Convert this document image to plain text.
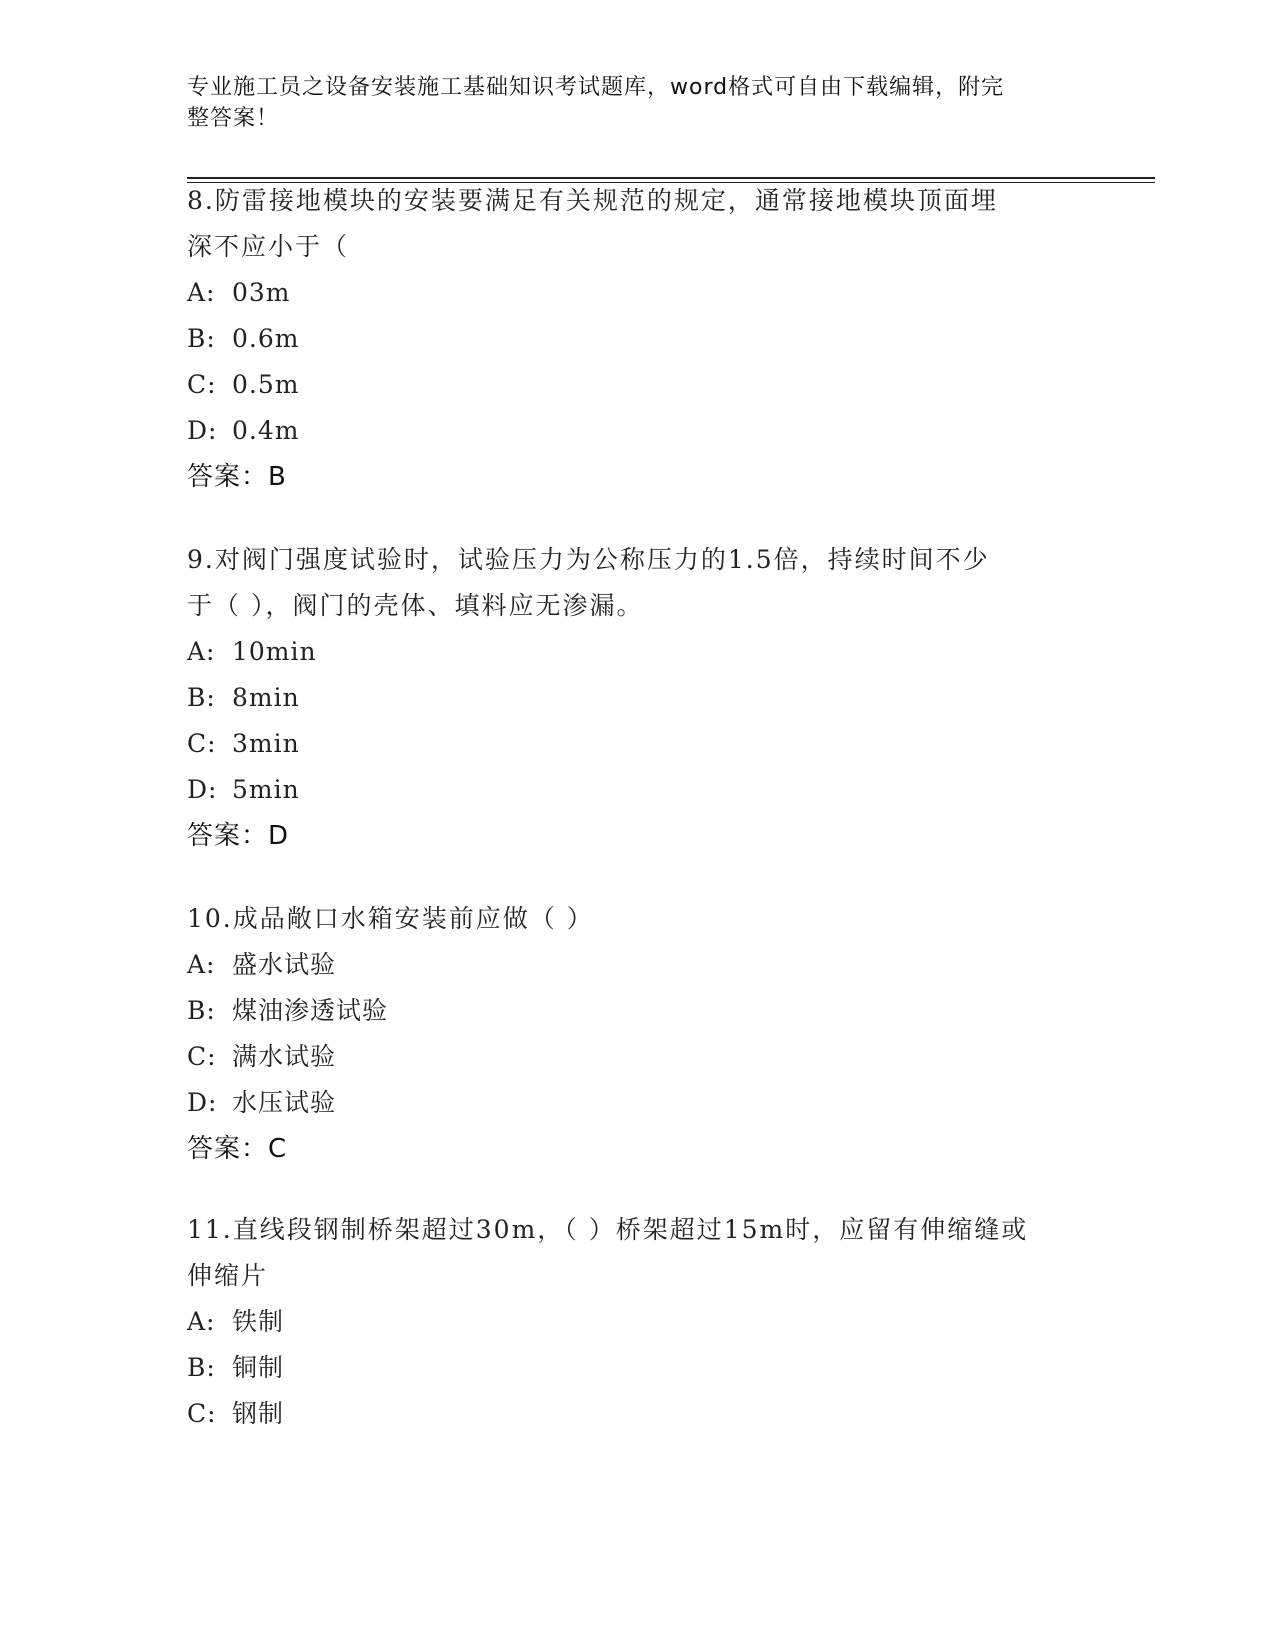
专业施工员之设备安装施工基础知识考试题库，word格式可自由下载编辑，附完
整答案！

8.防雷接地模块的安装要满足有关规范的规定，通常接地模块顶面埋

深不应小于（

A: 03m

B: 0.6m

C: 0.5m

D: 0.4m

答案：B

9.对阀门强度试验时，试验压力为公称压力的1.5倍，持续时间不少

于（ ），阀门的壳体、填料应无渗漏。

A: 10min

B: 8min

C: 3min

D: 5min

答案：D

10.成品敞口水箱安装前应做（ ）

A: 盛水试验

B: 煤油渗透试验

C: 满水试验

D: 水压试验

答案：C

11.直线段钢制桥架超过30m，（ ）桥架超过15m时，应留有伸缩缝或

伸缩片

A: 铁制

B: 铜制

C: 钢制
